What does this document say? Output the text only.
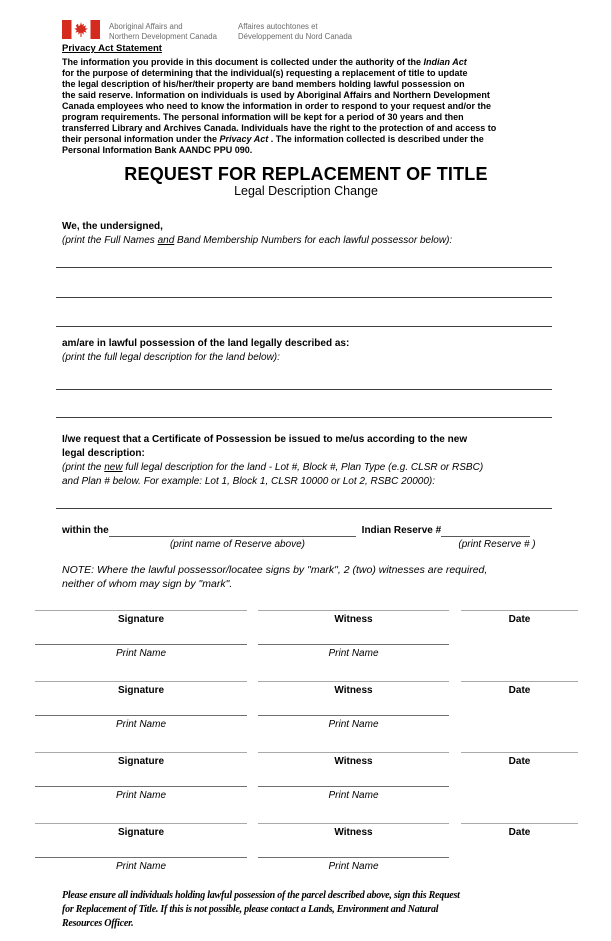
Aboriginal Affairs and
Northern Development Canada
Affaires autochtones et
Développement du Nord Canada
Privacy Act Statement
The information you provide in this document is collected under the authority of the Indian Act
for the purpose of determining that the individual(s) requesting a replacement of title to update
the legal description of his/her/their property are band members holding lawful possession on
the said reserve. Information on individuals is used by Aboriginal Affairs and Northern Development
Canada employees who need to know the information in order to respond to your request and/or the
program requirements. The personal information will be kept for a period of 30 years and then
transferred Library and Archives Canada. Individuals have the right to the protection of and access to
their personal information under the Privacy Act . The information collected is described under the
Personal Information Bank AANDC PPU 090.
REQUEST FOR REPLACEMENT OF TITLE
Legal Description Change
We, the undersigned,
(print the Full Names and Band Membership Numbers for each lawful possessor below):
am/are in lawful possession of the land legally described as:
(print the full legal description for the land below):
I/we request that a Certificate of Possession be issued to me/us according to the new
legal description:
(print the new full legal description for the land - Lot #, Block #, Plan Type (e.g. CLSR or RSBC)
and Plan # below. For example: Lot 1, Block 1, CLSR 10000 or Lot 2, RSBC 20000):
within the	Indian Reserve #
(print name of Reserve above)	(print Reserve # )
NOTE: Where the lawful possessor/locatee signs by "mark", 2 (two) witnesses are required,
neither of whom may sign by "mark".
Signature
Print Name
Witness
Print Name
Date
Signature
Print Name
Witness
Print Name
Date
Signature
Print Name
Witness
Print Name
Date
Signature
Print Name
Witness
Print Name
Date
Please ensure all individuals holding lawful possession of the parcel described above, sign this Request
for Replacement of Title. If this is not possible, please contact a Lands, Environment and Natural
Resources Officer.
